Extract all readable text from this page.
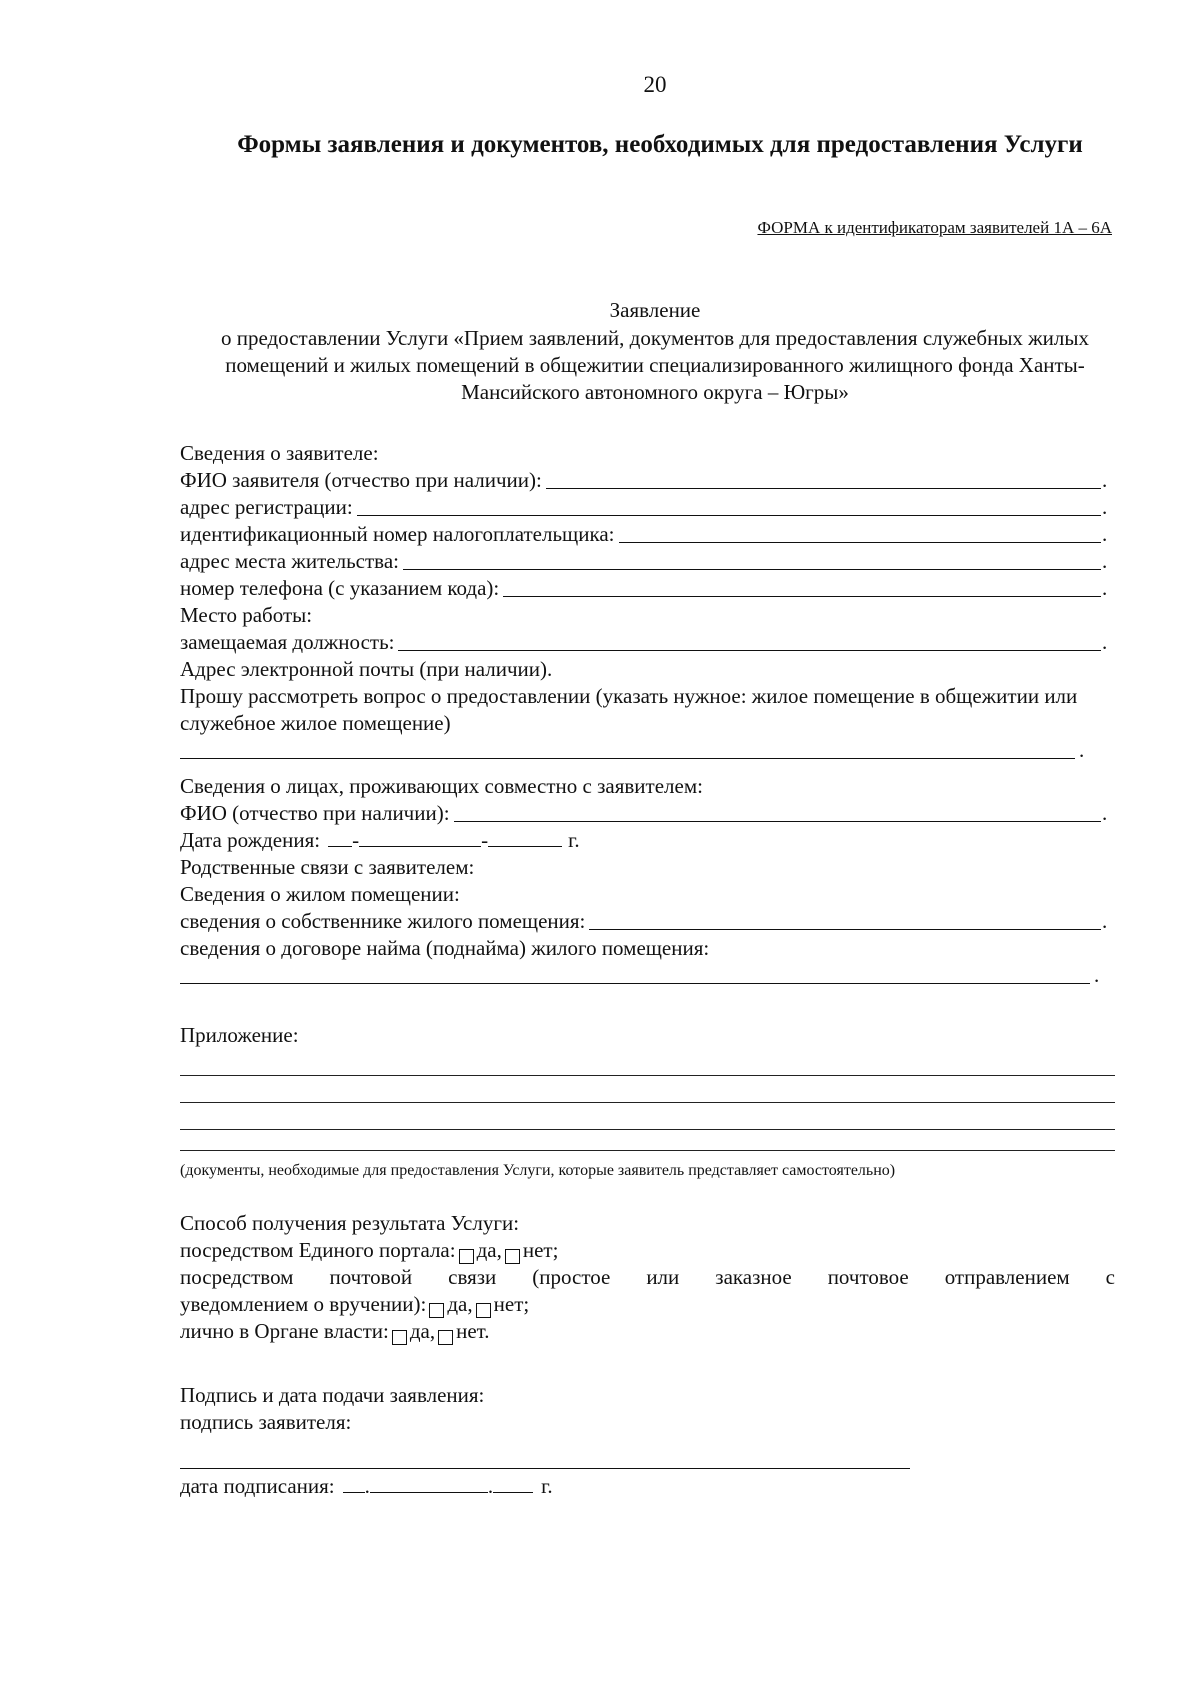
20
Формы заявления и документов, необходимых для предоставления Услуги
ФОРМА к идентификаторам заявителей 1А – 6А
Заявление
о предоставлении Услуги «Прием заявлений, документов для предоставления служебных жилых помещений и жилых помещений в общежитии специализированного жилищного фонда Ханты-Мансийского автономного округа – Югры»
Сведения о заявителе:
ФИО заявителя (отчество при наличии):	.
адрес регистрации:	.
идентификационный номер налогоплательщика:	.
адрес места жительства:	.
номер телефона (с указанием кода):	.
Место работы:
замещаемая должность:	.
Адрес электронной почты (при наличии).
Прошу рассмотреть вопрос о предоставлении (указать нужное: жилое помещение в общежитии или служебное жилое помещение)
.
Сведения о лицах, проживающих совместно с заявителем:
ФИО (отчество при наличии):	.
Дата рождения:	-	-	г.
Родственные связи с заявителем:
Сведения о жилом помещении:
сведения о собственнике жилого помещения:	.
сведения о договоре найма (поднайма) жилого помещения:
.
Приложение:
(документы, необходимые для предоставления Услуги, которые заявитель представляет самостоятельно)
Способ получения результата Услуги:
посредством Единого портала: да, нет;
посредством почтовой связи (простое или заказное почтовое отправлением с
уведомлением о вручении): да, нет;
лично в Органе власти: да, нет.
Подпись и дата подачи заявления:
подпись заявителя:
дата подписания:	.	.	г.
